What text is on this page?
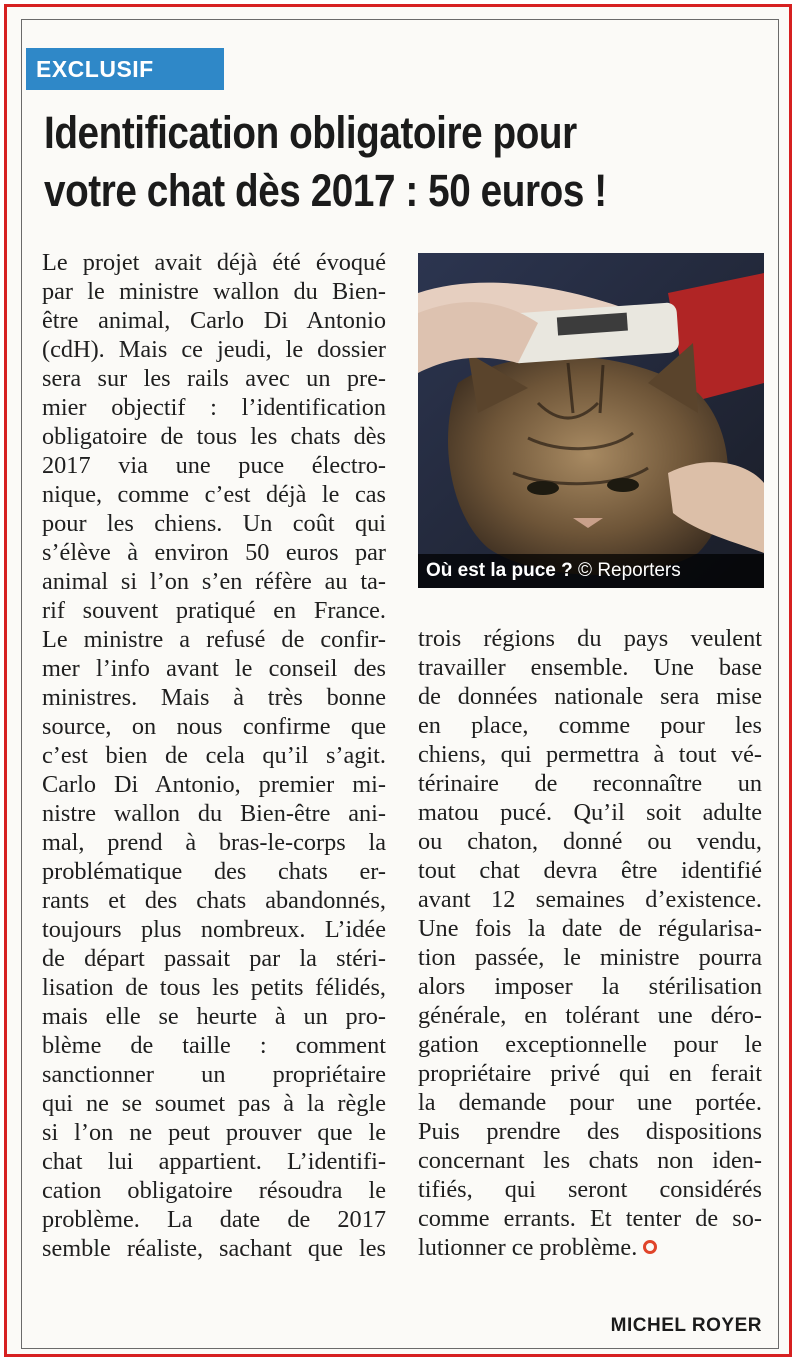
EXCLUSIF
Identification obligatoire pour
votre chat dès 2017 : 50 euros !
Où est la puce ? © Reporters
Le projet avait déjà été évoqué
par le ministre wallon du Bien-
être animal, Carlo Di Antonio
(cdH). Mais ce jeudi, le dossier
sera sur les rails avec un pre-
mier objectif : l’identification
obligatoire de tous les chats dès
2017 via une puce électro-
nique, comme c’est déjà le cas
pour les chiens. Un coût qui
s’élève à environ 50 euros par
animal si l’on s’en réfère au ta-
rif souvent pratiqué en France.
Le ministre a refusé de confir-
mer l’info avant le conseil des
ministres. Mais à très bonne
source, on nous confirme que
c’est bien de cela qu’il s’agit.
Carlo Di Antonio, premier mi-
nistre wallon du Bien-être ani-
mal, prend à bras-le-corps la
problématique des chats er-
rants et des chats abandonnés,
toujours plus nombreux. L’idée
de départ passait par la stéri-
lisation de tous les petits félidés,
mais elle se heurte à un pro-
blème de taille : comment
sanctionner un propriétaire
qui ne se soumet pas à la règle
si l’on ne peut prouver que le
chat lui appartient. L’identifi-
cation obligatoire résoudra le
problème. La date de 2017
semble réaliste, sachant que les
trois régions du pays veulent
travailler ensemble. Une base
de données nationale sera mise
en place, comme pour les
chiens, qui permettra à tout vé-
térinaire de reconnaître un
matou pucé. Qu’il soit adulte
ou chaton, donné ou vendu,
tout chat devra être identifié
avant 12 semaines d’existence.
Une fois la date de régularisa-
tion passée, le ministre pourra
alors imposer la stérilisation
générale, en tolérant une déro-
gation exceptionnelle pour le
propriétaire privé qui en ferait
la demande pour une portée.
Puis prendre des dispositions
concernant les chats non iden-
tifiés, qui seront considérés
comme errants. Et tenter de so-
lutionner ce problème.
MICHEL ROYER
